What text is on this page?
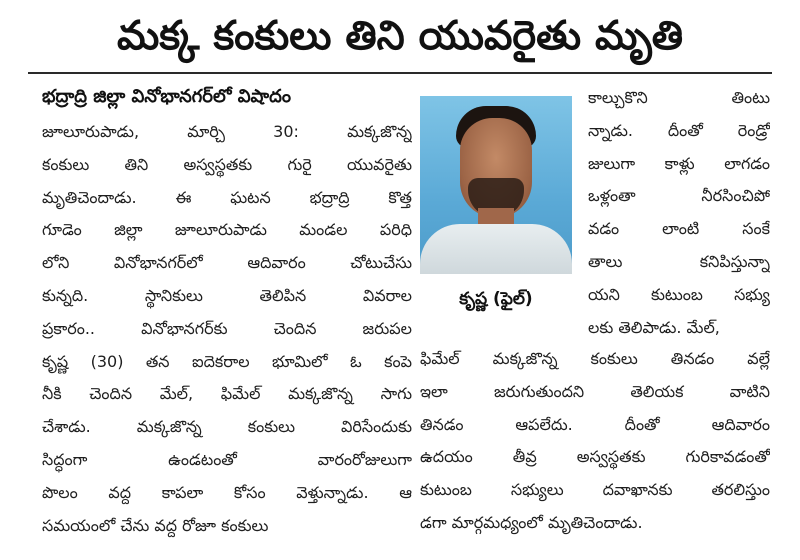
మక్క కంకులు తిని యువరైతు మృతి
భద్రాద్రి జిల్లా వినోభానగర్‌లో విషాదం
జూలూరుపాడు, మార్చి 30: మక్కజొన్న
కంకులు తిని అస్వస్థతకు గురై యువరైతు
మృతిచెందాడు. ఈ ఘటన భద్రాద్రి కొత్త
గూడెం జిల్లా జూలూరుపాడు మండల పరిధి
లోని వినోభానగర్‌లో ఆదివారం చోటుచేసు
కున్నది. స్థానికులు తెలిపిన వివరాల
ప్రకారం.. వినోభానగర్‌కు చెందిన జరుపల
కృష్ణ (30) తన ఐదెకరాల భూమిలో ఓ కంపె
నీకి చెందిన మేల్, ఫిమేల్ మక్కజొన్న సాగు
చేశాడు. మక్కజొన్న కంకులు విరిసేందుకు
సిద్ధంగా ఉండటంతో వారంరోజులుగా
పొలం వద్ద కాపలా కోసం వెళ్తున్నాడు. ఆ
సమయంలో చేను వద్ద రోజూ కంకులు
కృష్ణ (ఫైల్)
కాల్చుకొని తింటు
న్నాడు. దీంతో రెండ్రో
జులుగా కాళ్లు లాగడం
ఒళ్లంతా నీరసించిపో
వడం లాంటి సంకే
తాలు కనిపిస్తున్నా
యని కుటుంబ సభ్యు
లకు తెలిపాడు. మేల్,
ఫిమేల్ మక్కజొన్న కంకులు తినడం వల్లే
ఇలా జరుగుతుందని తెలియక వాటిని
తినడం ఆపలేదు. దీంతో ఆదివారం
ఉదయం తీవ్ర అస్వస్థతకు గురికావడంతో
కుటుంబ సభ్యులు దవాఖానకు తరలిస్తుం
డగా మార్గమధ్యంలో మృతిచెందాడు.
